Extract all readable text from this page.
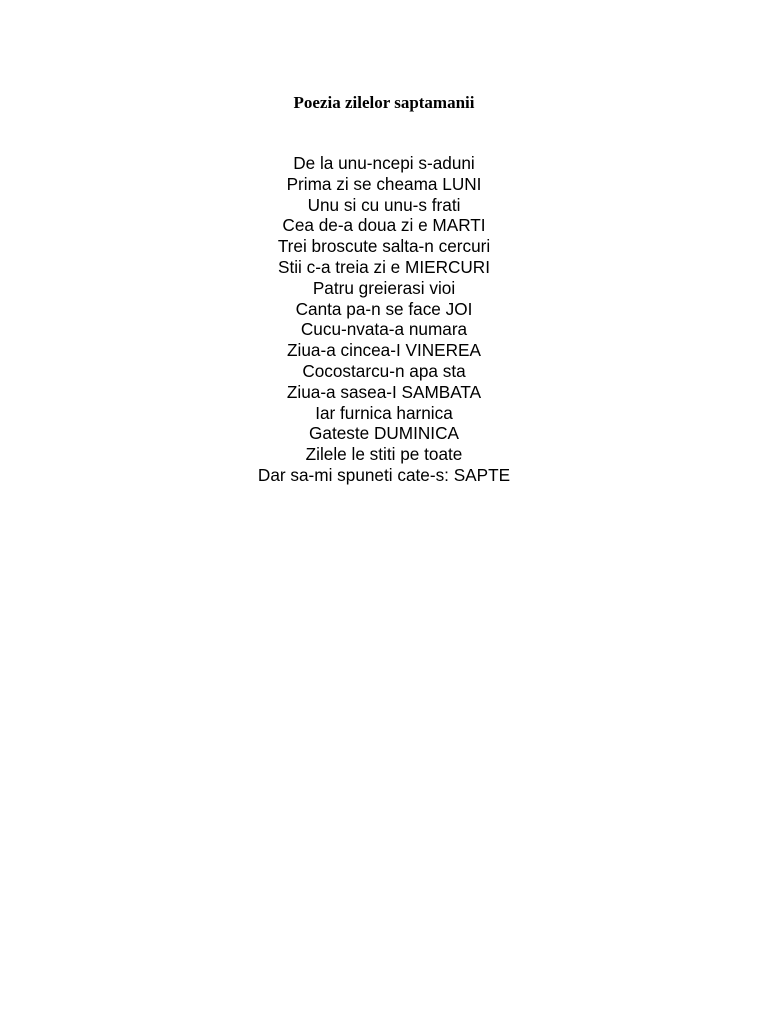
Poezia zilelor saptamanii
De la unu-ncepi s-aduni
Prima zi se cheama LUNI
Unu si cu unu-s frati
Cea de-a doua zi e MARTI
Trei broscute salta-n cercuri
Stii c-a treia zi e MIERCURI
Patru greierasi vioi
Canta pa-n se face JOI
Cucu-nvata-a numara
Ziua-a cincea-I VINEREA
Cocostarcu-n apa sta
Ziua-a sasea-I SAMBATA
Iar furnica harnica
Gateste DUMINICA
Zilele le stiti pe toate
Dar sa-mi spuneti cate-s: SAPTE
